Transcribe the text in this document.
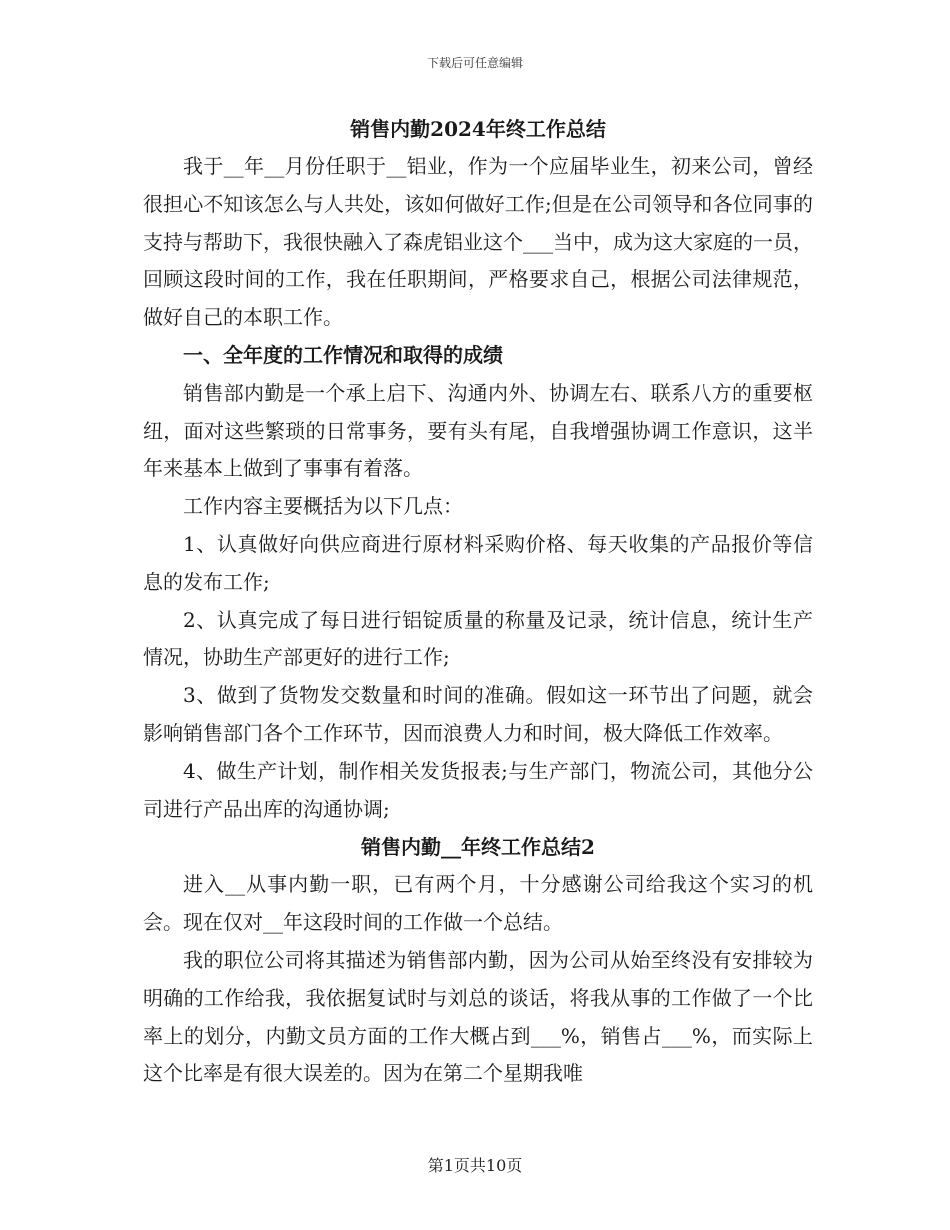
下载后可任意编辑
销售内勤2024年终工作总结

我于__年__月份任职于__铝业，作为一个应届毕业生，初来公司，曾经很担心不知该怎么与人共处，该如何做好工作;但是在公司领导和各位同事的支持与帮助下，我很快融入了森虎铝业这个___当中，成为这大家庭的一员，回顾这段时间的工作，我在任职期间，严格要求自己，根据公司法律规范，做好自己的本职工作。

一、全年度的工作情况和取得的成绩

销售部内勤是一个承上启下、沟通内外、协调左右、联系八方的重要枢纽，面对这些繁琐的日常事务，要有头有尾，自我增强协调工作意识，这半年来基本上做到了事事有着落。

工作内容主要概括为以下几点：

1、认真做好向供应商进行原材料采购价格、每天收集的产品报价等信息的发布工作;

2、认真完成了每日进行铝锭质量的称量及记录，统计信息，统计生产情况，协助生产部更好的进行工作;

3、做到了货物发交数量和时间的准确。假如这一环节出了问题，就会影响销售部门各个工作环节，因而浪费人力和时间，极大降低工作效率。

4、做生产计划，制作相关发货报表;与生产部门，物流公司，其他分公司进行产品出库的沟通协调;

销售内勤__年终工作总结2

进入__从事内勤一职，已有两个月，十分感谢公司给我这个实习的机会。现在仅对__年这段时间的工作做一个总结。

我的职位公司将其描述为销售部内勤，因为公司从始至终没有安排较为明确的工作给我，我依据复试时与刘总的谈话，将我从事的工作做了一个比率上的划分，内勤文员方面的工作大概占到___%，销售占___%，而实际上这个比率是有很大误差的。因为在第二个星期我唯

第1页共10页
